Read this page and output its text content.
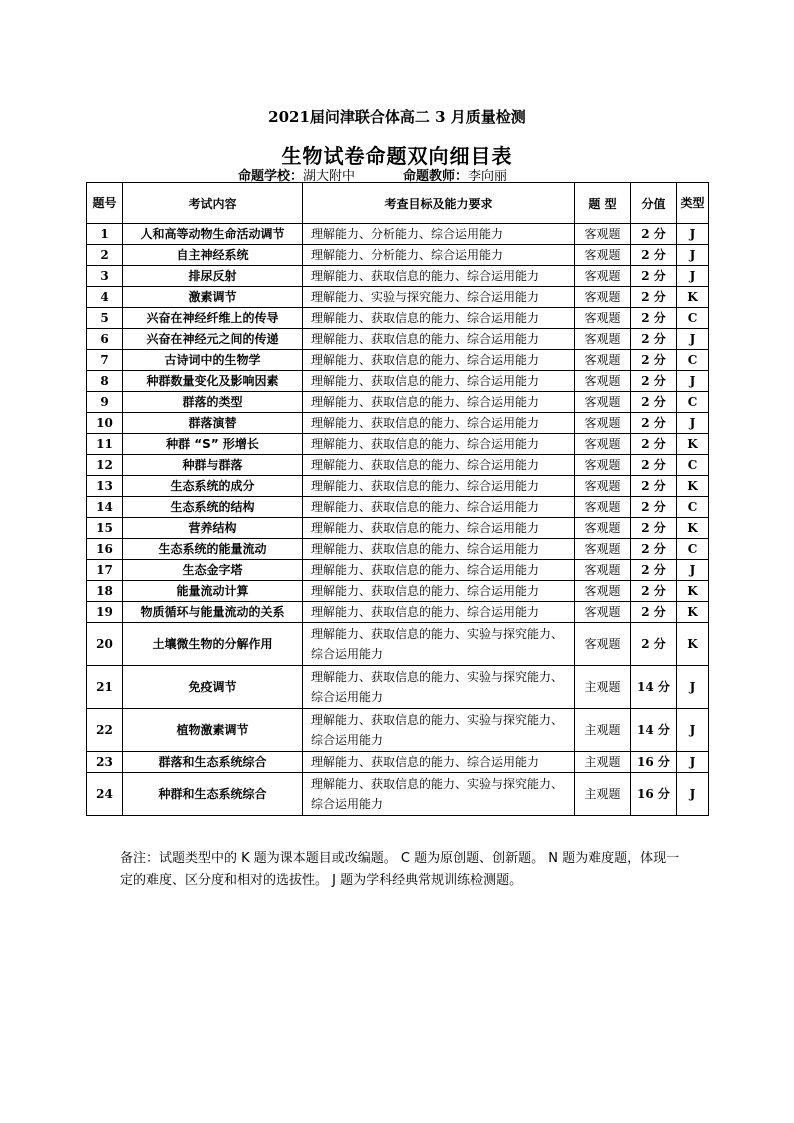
2021届问津联合体高二 3 月质量检测
生物试卷命题双向细目表
命题学校：湖大附中	命题教师：李向丽
题号	考试内容	考查目标及能力要求	题 型	分值	类型
1	人和高等动物生命活动调节	理解能力、分析能力、综合运用能力	客观题	2 分	J
2	自主神经系统	理解能力、分析能力、综合运用能力	客观题	2 分	J
3	排尿反射	理解能力、获取信息的能力、综合运用能力	客观题	2 分	J
4	激素调节	理解能力、实验与探究能力、综合运用能力	客观题	2 分	K
5	兴奋在神经纤维上的传导	理解能力、获取信息的能力、综合运用能力	客观题	2 分	C
6	兴奋在神经元之间的传递	理解能力、获取信息的能力、综合运用能力	客观题	2 分	J
7	古诗词中的生物学	理解能力、获取信息的能力、综合运用能力	客观题	2 分	C
8	种群数量变化及影响因素	理解能力、获取信息的能力、综合运用能力	客观题	2 分	J
9	群落的类型	理解能力、获取信息的能力、综合运用能力	客观题	2 分	C
10	群落演替	理解能力、获取信息的能力、综合运用能力	客观题	2 分	J
11	种群 “S” 形增长	理解能力、获取信息的能力、综合运用能力	客观题	2 分	K
12	种群与群落	理解能力、获取信息的能力、综合运用能力	客观题	2 分	C
13	生态系统的成分	理解能力、获取信息的能力、综合运用能力	客观题	2 分	K
14	生态系统的结构	理解能力、获取信息的能力、综合运用能力	客观题	2 分	C
15	营养结构	理解能力、获取信息的能力、综合运用能力	客观题	2 分	K
16	生态系统的能量流动	理解能力、获取信息的能力、综合运用能力	客观题	2 分	C
17	生态金字塔	理解能力、获取信息的能力、综合运用能力	客观题	2 分	J
18	能量流动计算	理解能力、获取信息的能力、综合运用能力	客观题	2 分	K
19	物质循环与能量流动的关系	理解能力、获取信息的能力、综合运用能力	客观题	2 分	K
20	土壤微生物的分解作用	理解能力、获取信息的能力、实验与探究能力、综合运用能力	客观题	2 分	K
21	免疫调节	理解能力、获取信息的能力、实验与探究能力、综合运用能力	主观题	14 分	J
22	植物激素调节	理解能力、获取信息的能力、实验与探究能力、综合运用能力	主观题	14 分	J
23	群落和生态系统综合	理解能力、获取信息的能力、综合运用能力	主观题	16 分	J
24	种群和生态系统综合	理解能力、获取信息的能力、实验与探究能力、综合运用能力	主观题	16 分	J
备注：试题类型中的 K 题为课本题目或改编题。 C 题为原创题、创新题。 N 题为难度题，体现一定的难度、区分度和相对的选拔性。 J 题为学科经典常规训练检测题。
